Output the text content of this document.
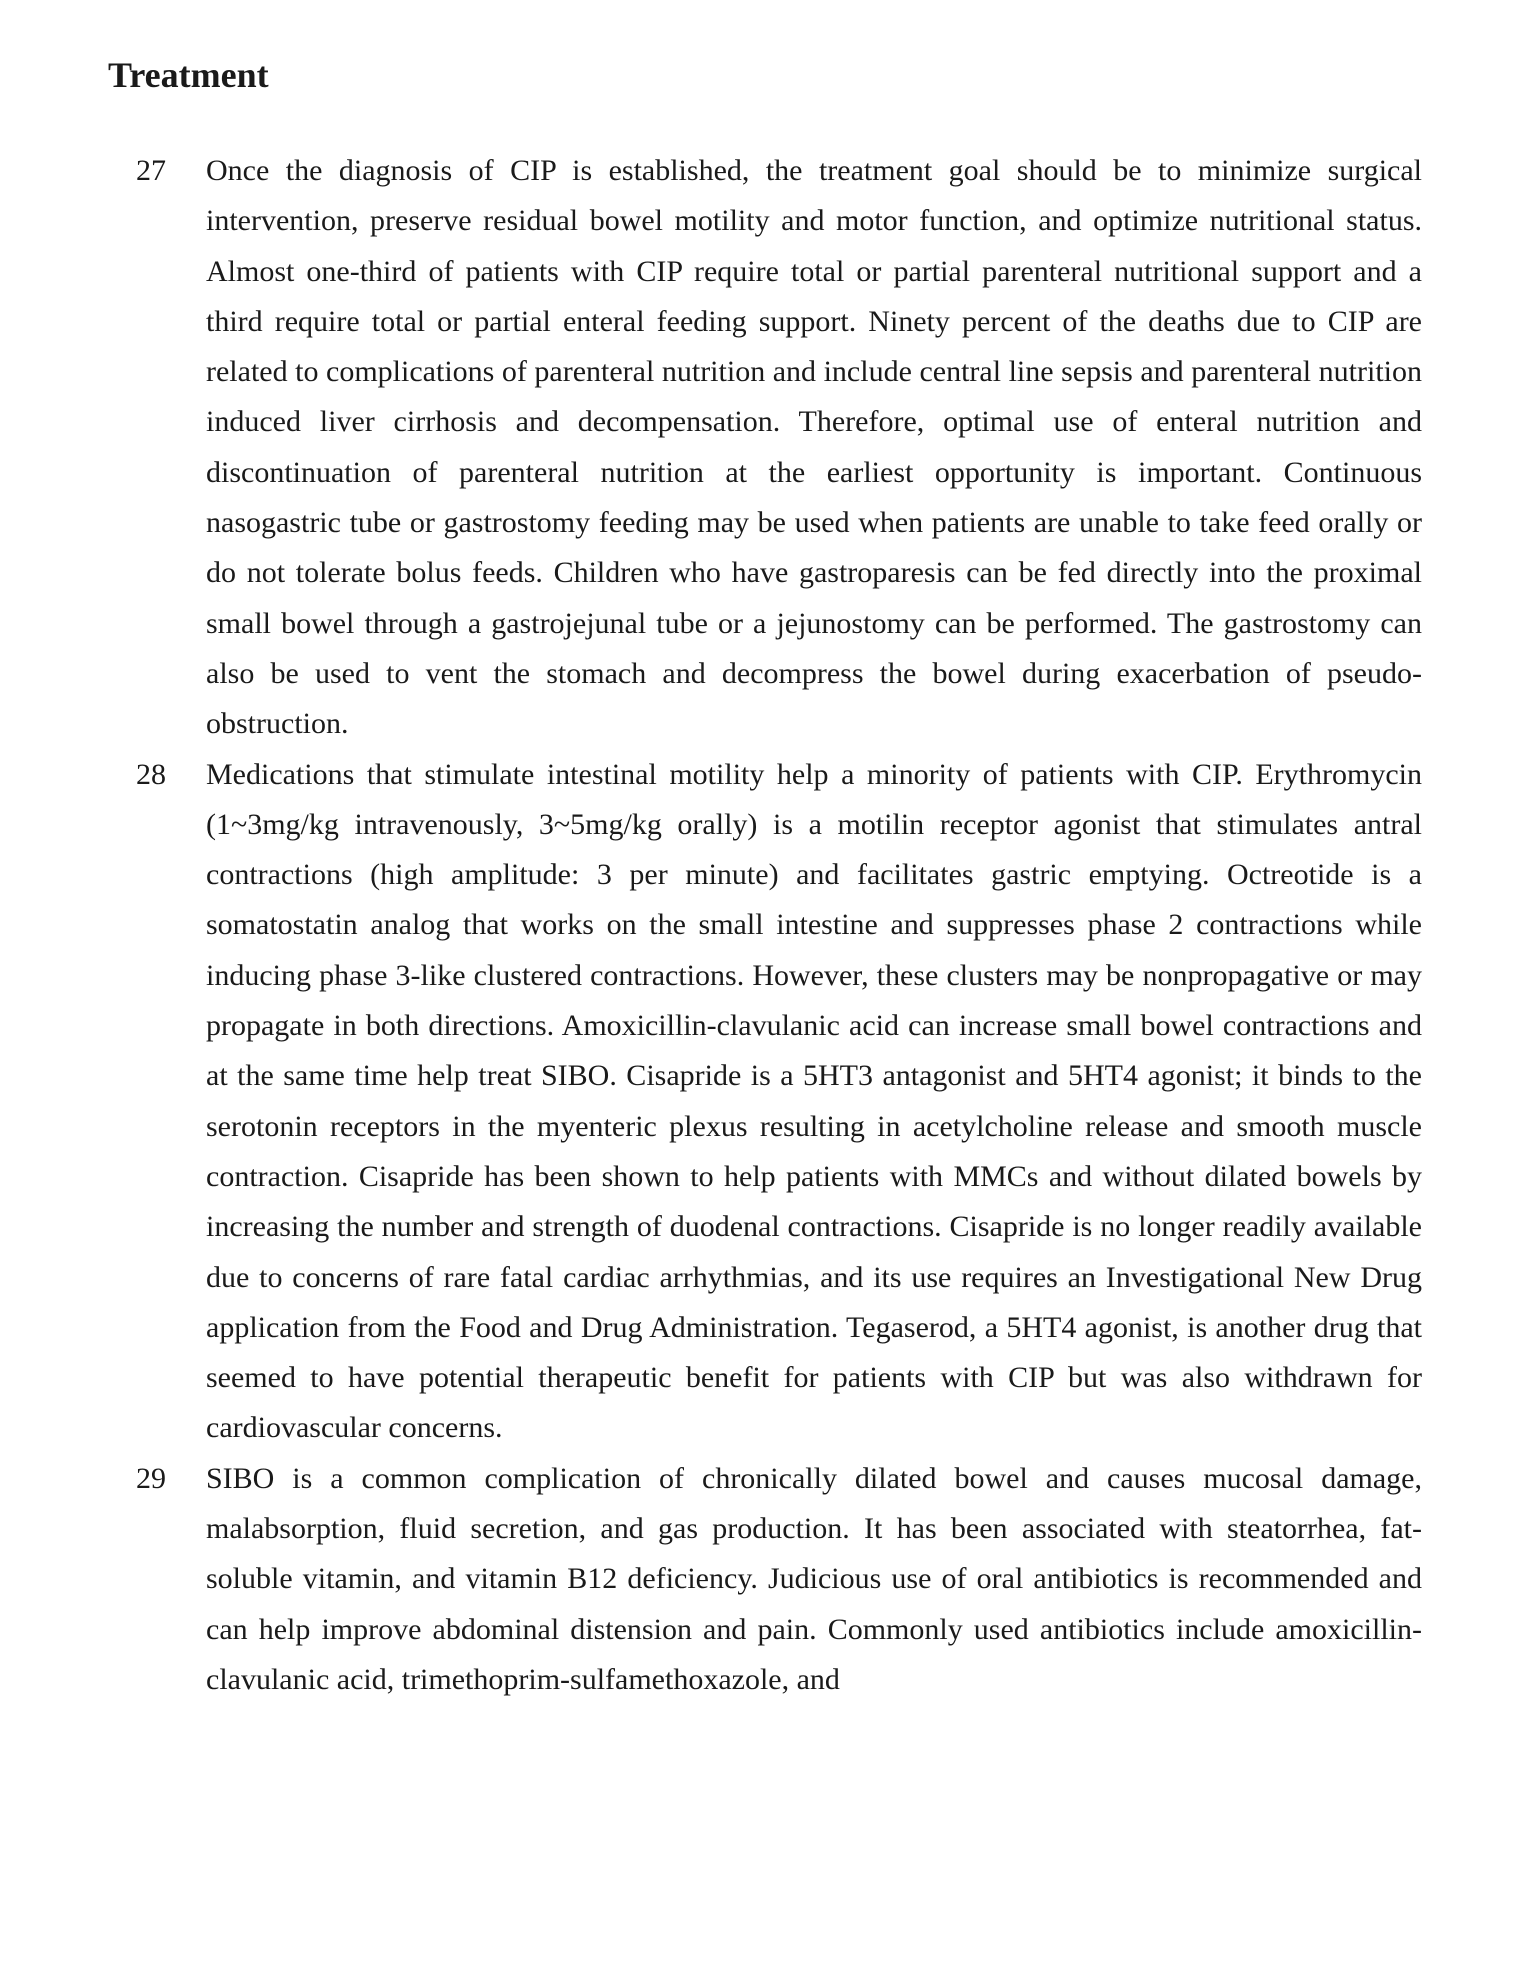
Treatment
27	Once the diagnosis of CIP is established, the treatment goal should be to minimize surgical intervention, preserve residual bowel motility and motor function, and optimize nutritional status. Almost one-third of patients with CIP require total or partial parenteral nutritional support and a third require total or partial enteral feeding support. Ninety percent of the deaths due to CIP are related to complications of parenteral nutrition and include central line sepsis and parenteral nutrition induced liver cirrhosis and decompensation. Therefore, optimal use of enteral nutrition and discontinuation of parenteral nutrition at the earliest opportunity is important. Continuous nasogastric tube or gastrostomy feeding may be used when patients are unable to take feed orally or do not tolerate bolus feeds. Children who have gastroparesis can be fed directly into the proximal small bowel through a gastrojejunal tube or a jejunostomy can be performed. The gastrostomy can also be used to vent the stomach and decompress the bowel during exacerbation of pseudo-obstruction.

28	Medications that stimulate intestinal motility help a minority of patients with CIP. Erythromycin (1~3mg/kg intravenously, 3~5mg/kg orally) is a motilin receptor agonist that stimulates antral contractions (high amplitude: 3 per minute) and facilitates gastric emptying. Octreotide is a somatostatin analog that works on the small intestine and suppresses phase 2 contractions while inducing phase 3-like clustered contractions. However, these clusters may be nonpropagative or may propagate in both directions. Amoxicillin-clavulanic acid can increase small bowel contractions and at the same time help treat SIBO. Cisapride is a 5HT3 antagonist and 5HT4 agonist; it binds to the serotonin receptors in the myenteric plexus resulting in acetylcholine release and smooth muscle contraction. Cisapride has been shown to help patients with MMCs and without dilated bowels by increasing the number and strength of duodenal contractions. Cisapride is no longer readily available due to concerns of rare fatal cardiac arrhythmias, and its use requires an Investigational New Drug application from the Food and Drug Administration. Tegaserod, a 5HT4 agonist, is another drug that seemed to have potential therapeutic benefit for patients with CIP but was also withdrawn for cardiovascular concerns.

29	SIBO is a common complication of chronically dilated bowel and causes mucosal damage, malabsorption, fluid secretion, and gas production. It has been associated with steatorrhea, fat-soluble vitamin, and vitamin B12 deficiency. Judicious use of oral antibiotics is recommended and can help improve abdominal distension and pain. Commonly used antibiotics include amoxicillin-clavulanic acid, trimethoprim-sulfamethoxazole, and
